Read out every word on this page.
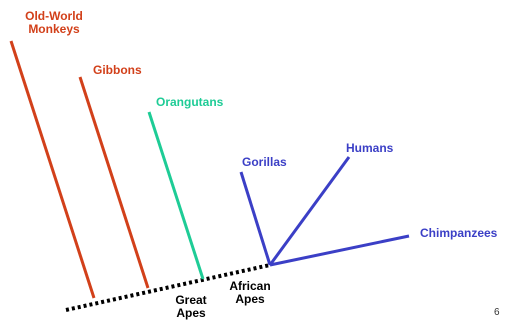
Old-World
Monkeys
Gibbons
Orangutans
Gorillas
Humans
Chimpanzees
Great
Apes
African
Apes
6
